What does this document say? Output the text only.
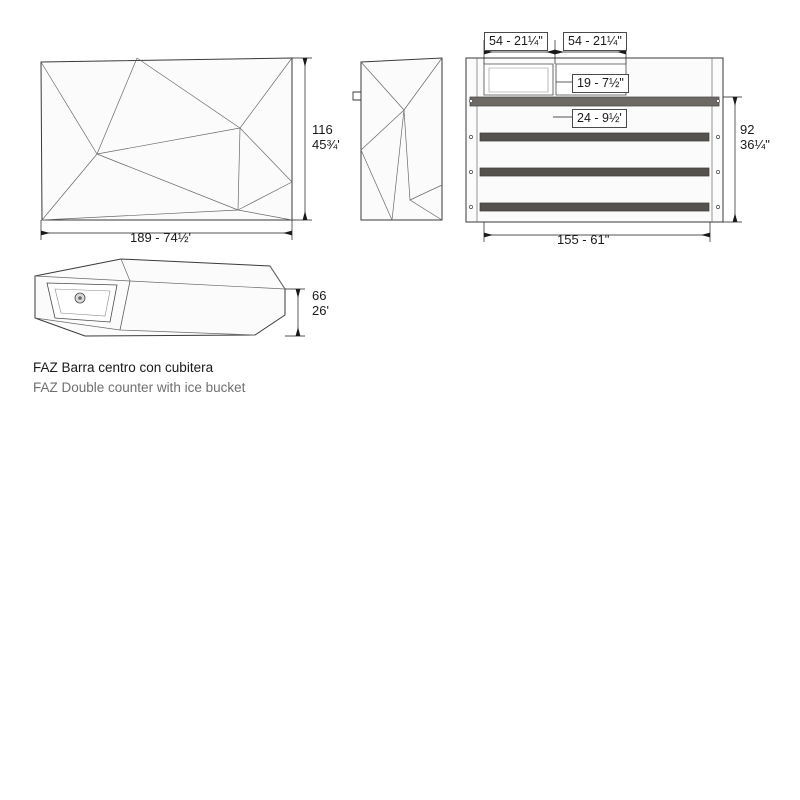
116
45¾'
189 - 74½'
66
26'
54 - 21¼"	54 - 21¼"
19 - 7½"
24 - 9½'
155 - 61"
92
36¼"
FAZ Barra centro con cubitera
FAZ Double counter with ice bucket
